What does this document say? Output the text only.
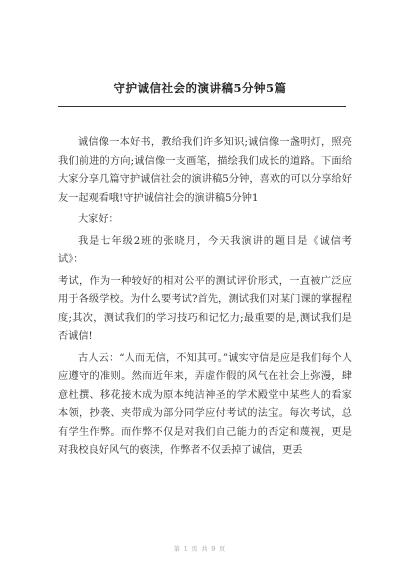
守护诚信社会的演讲稿5分钟5篇

诚信像一本好书，教给我们许多知识;诚信像一盏明灯，照亮我们前进的方向;诚信像一支画笔，描绘我们成长的道路。下面给大家分享几篇守护诚信社会的演讲稿5分钟，喜欢的可以分享给好友一起观看哦!守护诚信社会的演讲稿5分钟1

大家好：

我是七年级2班的张晓月，今天我演讲的题目是《诚信考试》：

考试，作为一种较好的相对公平的测试评价形式，一直被广泛应用于各级学校。为什么要考试?首先，测试我们对某门课的掌握程度;其次，测试我们的学习技巧和记忆力;最重要的是,测试我们是否诚信!

古人云：“人而无信，不知其可。”诚实守信是应是我们每个人应遵守的准则。然而近年来，弄虚作假的风气在社会上弥漫，肆意杜撰、移花接木成为原本纯洁神圣的学术殿堂中某些人的看家本领，抄袭、夹带成为部分同学应付考试的法宝。每次考试，总有学生作弊。而作弊不仅是对我们自己能力的否定和蔑视，更是对我校良好风气的亵渎，作弊者不仅丢掉了诚信，更丢

第 1 页 共 9 页
